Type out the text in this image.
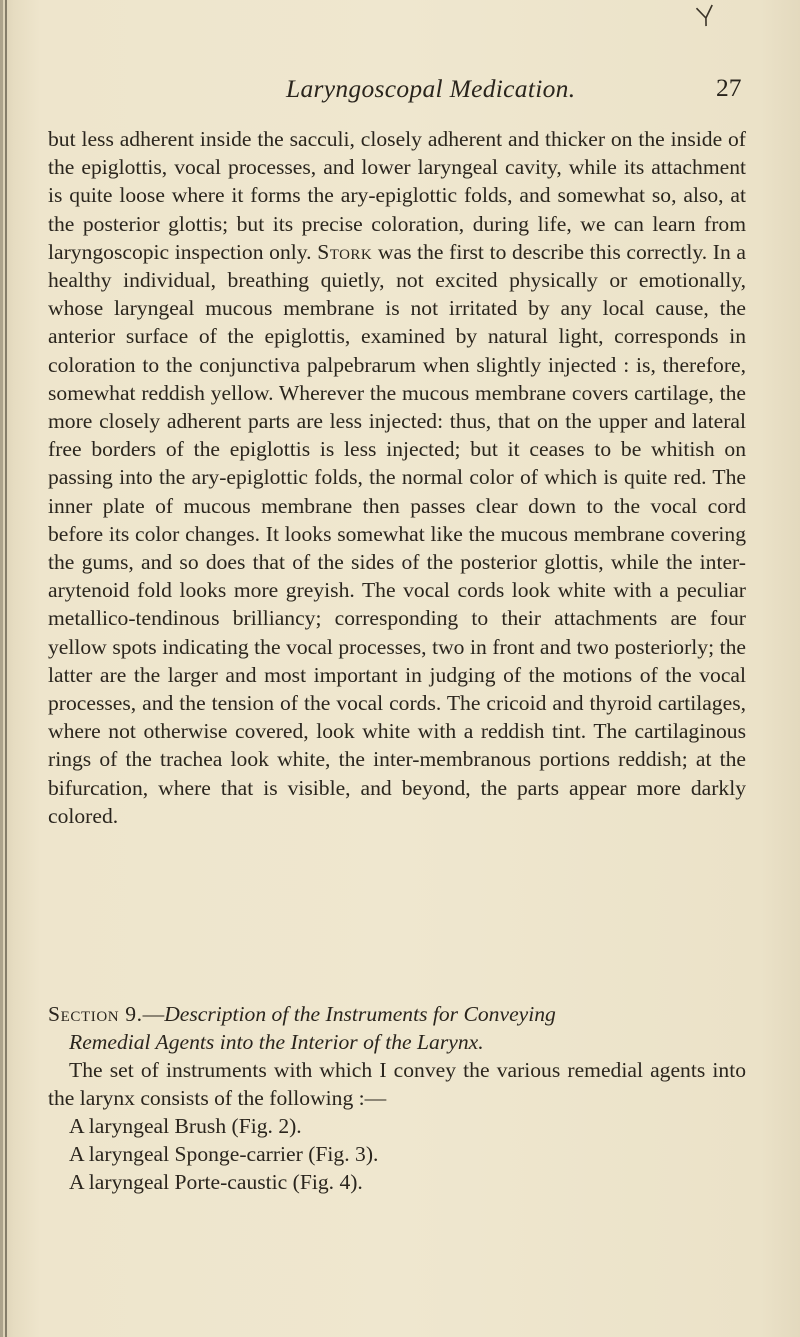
Laryngoscopal Medication.	27

but less adherent inside the sacculi, closely adherent and thicker on the inside of the epiglottis, vocal processes, and lower laryngeal cavity, while its attachment is quite loose where it forms the ary-epiglottic folds, and somewhat so, also, at the posterior glottis; but its precise coloration, during life, we can learn from laryngoscopic inspection only. Stork was the first to describe this correctly. In a healthy individual, breathing quietly, not excited physically or emotionally, whose laryngeal mucous membrane is not irritated by any local cause, the anterior surface of the epiglottis, examined by natural light, corresponds in coloration to the conjunctiva palpebrarum when slightly injected : is, therefore, somewhat reddish yellow. Wherever the mucous membrane covers cartilage, the more closely adherent parts are less injected: thus, that on the upper and lateral free borders of the epiglottis is less injected; but it ceases to be whitish on passing into the ary-epiglottic folds, the normal color of which is quite red. The inner plate of mucous membrane then passes clear down to the vocal cord before its color changes. It looks somewhat like the mucous membrane covering the gums, and so does that of the sides of the posterior glottis, while the inter-arytenoid fold looks more greyish. The vocal cords look white with a peculiar metallico-tendinous brilliancy; corresponding to their attachments are four yellow spots indicating the vocal processes, two in front and two posteriorly; the latter are the larger and most important in judging of the motions of the vocal processes, and the tension of the vocal cords. The cricoid and thyroid cartilages, where not otherwise covered, look white with a reddish tint. The cartilaginous rings of the trachea look white, the inter-membranous portions reddish; at the bifurcation, where that is visible, and beyond, the parts appear more darkly colored.

Section 9.—Description of the Instruments for Conveying
Remedial Agents into the Interior of the Larynx.

The set of instruments with which I convey the various remedial agents into the larynx consists of the following :—

A laryngeal Brush (Fig. 2).
A laryngeal Sponge-carrier (Fig. 3).
A laryngeal Porte-caustic (Fig. 4).
